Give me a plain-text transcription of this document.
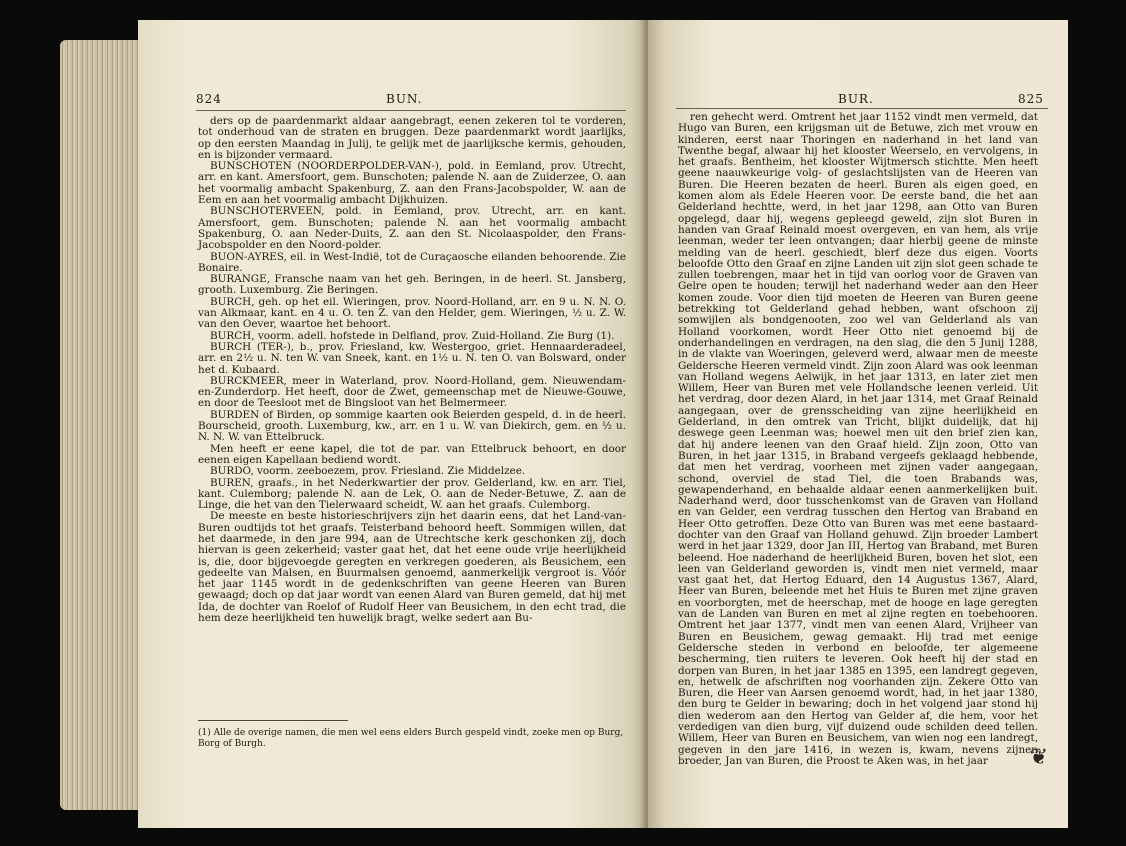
824	BUN.

ders op de paardenmarkt aldaar aangebragt, eenen zekeren tol te vorderen, tot onderhoud van de straten en bruggen. Deze paardenmarkt wordt jaarlijks, op den eersten Maandag in Julij, te gelijk met de jaarlijksche kermis, gehouden, en is bijzonder vermaard.

BUNSCHOTEN (NOORDERPOLDER-VAN-), pold. in Eemland, prov. Utrecht, arr. en kant. Amersfoort, gem. Bunschoten; palende N. aan de Zuiderzee, O. aan het voormalig ambacht Spakenburg, Z. aan den Frans-Jacobspolder, W. aan de Eem en aan het voormalig ambacht Dijkhuizen.

BUNSCHOTERVEEN, pold. in Eemland, prov. Utrecht, arr. en kant. Amersfoort, gem. Bunschoten; palende N. aan het voormalig ambacht Spakenburg, O. aan Neder-Duits, Z. aan den St. Nicolaaspolder, den Frans-Jacobspolder en den Noord-polder.

BUON-AYRES, eil. in West-Indië, tot de Curaçaosche eilanden behoorende. Zie Bonaire.

BURANGE, Fransche naam van het geh. Beringen, in de heerl. St. Jansberg, grooth. Luxemburg. Zie Beringen.

BURCH, geh. op het eil. Wieringen, prov. Noord-Holland, arr. en 9 u. N. N. O. van Alkmaar, kant. en 4 u. O. ten Z. van den Helder, gem. Wieringen, ½ u. Z. W. van den Oever, waartoe het behoort.

BURCH, voorm. adell. hofstede in Delfland, prov. Zuid-Holland. Zie Burg (1).

BURCH (TER-), b., prov. Friesland, kw. Westergoo, griet. Hennaarderadeel, arr. en 2½ u. N. ten W. van Sneek, kant. en 1½ u. N. ten O. van Bolsward, onder het d. Kubaard.

BURCKMEER, meer in Waterland, prov. Noord-Holland, gem. Nieuwendam-en-Zunderdorp. Het heeft, door de Zwet, gemeenschap met de Nieuwe-Gouwe, en door de Teesloot met de Bingsloot van het Belmermeer.

BURDEN of Birden, op sommige kaarten ook Beierden gespeld, d. in de heerl. Bourscheid, grooth. Luxemburg, kw., arr. en 1 u. W. van Diekirch, gem. en ½ u. N. N. W. van Ettelbruck.

Men heeft er eene kapel, die tot de par. van Ettelbruck behoort, en door eenen eigen Kapellaan bediend wordt.

BURDO, voorm. zeeboezem, prov. Friesland. Zie Middelzee.

BUREN, graafs., in het Nederkwartier der prov. Gelderland, kw. en arr. Tiel, kant. Culemborg; palende N. aan de Lek, O. aan de Neder-Betuwe, Z. aan de Linge, die het van den Tielerwaard scheidt, W. aan het graafs. Culemborg.

De meeste en beste historieschrijvers zijn het daarin eens, dat het Land-van-Buren oudtijds tot het graafs. Teisterband behoord heeft. Sommigen willen, dat het daarmede, in den jare 994, aan de Utrechtsche kerk geschonken zij, doch hiervan is geen zekerheid; vaster gaat het, dat het eene oude vrije heerlijkheid is, die, door bijgevoegde geregten en verkregen goederen, als Beusichem, een gedeelte van Malsen, en Buurmalsen genoemd, aanmerkelijk vergroot is. Vóór het jaar 1145 wordt in de gedenkschriften van geene Heeren van Buren gewaagd; doch op dat jaar wordt van eenen Alard van Buren gemeld, dat hij met Ida, de dochter van Roelof of Rudolf Heer van Beusichem, in den echt trad, die hem deze heerlijkheid ten huwelijk bragt, welke sedert aan Bu-

(1) Alle de overige namen, die men wel eens elders Burch gespeld vindt, zoeke men op Burg, Borg of Burgh.
BUR.	825

ren gehecht werd. Omtrent het jaar 1152 vindt men vermeld, dat Hugo van Buren, een krijgsman uit de Betuwe, zich met vrouw en kinderen, eerst naar Thoringen en naderhand in het land van Twenthe begaf, alwaar hij het klooster Weerselo, en vervolgens, in het graafs. Bentheim, het klooster Wijtmersch stichtte. Men heeft geene naauwkeurige volg- of geslachtslijsten van de Heeren van Buren. Die Heeren bezaten de heerl. Buren als eigen goed, en komen alom als Edele Heeren voor. De eerste band, die het aan Gelderland hechtte, werd, in het jaar 1298, aan Otto van Buren opgelegd, daar hij, wegens gepleegd geweld, zijn slot Buren in handen van Graaf Reinald moest overgeven, en van hem, als vrije leenman, weder ter leen ontvangen; daar hierbij geene de minste melding van de heerl. geschiedt, blerf deze dus eigen. Voorts beloofde Otto den Graaf en zijne Landen uit zijn slot geen schade te zullen toebrengen, maar het in tijd van oorlog voor de Graven van Gelre open te houden; terwijl het naderhand weder aan den Heer komen zoude. Voor dien tijd moeten de Heeren van Buren geene betrekking tot Gelderland gehad hebben, want ofschoon zij somwijlen als bondgenooten, zoo wel van Gelderland als van Holland voorkomen, wordt Heer Otto niet genoemd bij de onderhandelingen en verdragen, na den slag, die den 5 Junij 1288, in de vlakte van Woeringen, geleverd werd, alwaar men de meeste Geldersche Heeren vermeld vindt. Zijn zoon Alard was ook leenman van Holland wegens Aelwijk, in het jaar 1313, en later ziet men Willem, Heer van Buren met vele Hollandsche leenen verleid. Uit het verdrag, door dezen Alard, in het jaar 1314, met Graaf Reinald aangegaan, over de grensscheiding van zijne heerlijkheid en Gelderland, in den omtrek van Tricht, blijkt duidelijk, dat hij deswege geen Leenman was; hoewel men uit den brief zien kan, dat hij andere leenen van den Graaf hield. Zijn zoon, Otto van Buren, in het jaar 1315, in Braband vergeefs geklaagd hebbende, dat men het verdrag, voorheen met zijnen vader aangegaan, schond, overviel de stad Tiel, die toen Brabands was, gewapenderhand, en behaalde aldaar eenen aanmerkelijken buit. Naderhand werd, door tusschenkomst van de Graven van Holland en van Gelder, een verdrag tusschen den Hertog van Braband en Heer Otto getroffen. Deze Otto van Buren was met eene bastaard-dochter van den Graaf van Holland gehuwd. Zijn broeder Lambert werd in het jaar 1329, door Jan III, Hertog van Braband, met Buren beleend. Hoe naderhand de heerlijkheid Buren, boven het slot, een leen van Gelderland geworden is, vindt men niet vermeld, maar vast gaat het, dat Hertog Eduard, den 14 Augustus 1367, Alard, Heer van Buren, beleende met het Huis te Buren met zijne graven en voorborgten, met de heerschap, met de hooge en lage geregten van de Landen van Buren en met al zijne regten en toebehooren. Omtrent het jaar 1377, vindt men van eenen Alard, Vrijheer van Buren en Beusichem, gewag gemaakt. Hij trad met eenige Geldersche steden in verbond en beloofde, ter algemeene bescherming, tien ruiters te leveren. Ook heeft hij der stad en dorpen van Buren, in het jaar 1385 en 1395, een landregt gegeven, en, hetwelk de afschriften nog voorhanden zijn. Zekere Otto van Buren, die Heer van Aarsen genoemd wordt, had, in het jaar 1380, den burg te Gelder in bewaring; doch in het volgend jaar stond hij dien wederom aan den Hertog van Gelder af, die hem, voor het verdedigen van dien burg, vijf duizend oude schilden deed tellen. Willem, Heer van Buren en Beusichem, van wien nog een landregt, gegeven in den jare 1416, in wezen is, kwam, nevens zijnen broeder, Jan van Buren, die Proost te Aken was, in het jaar	❦
